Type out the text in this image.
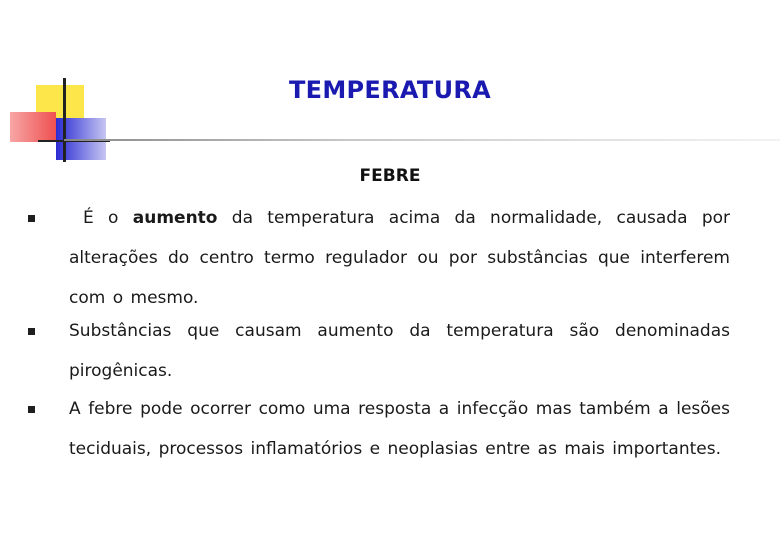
TEMPERATURA
FEBRE
É o aumento da temperatura acima da normalidade, causada por alterações do centro termo regulador ou por substâncias que interferem com o mesmo.
Substâncias que causam aumento da temperatura são denominadas pirogênicas.
A febre pode ocorrer como uma resposta a infecção mas também a lesões teciduais, processos inflamatórios e neoplasias entre as mais importantes.
